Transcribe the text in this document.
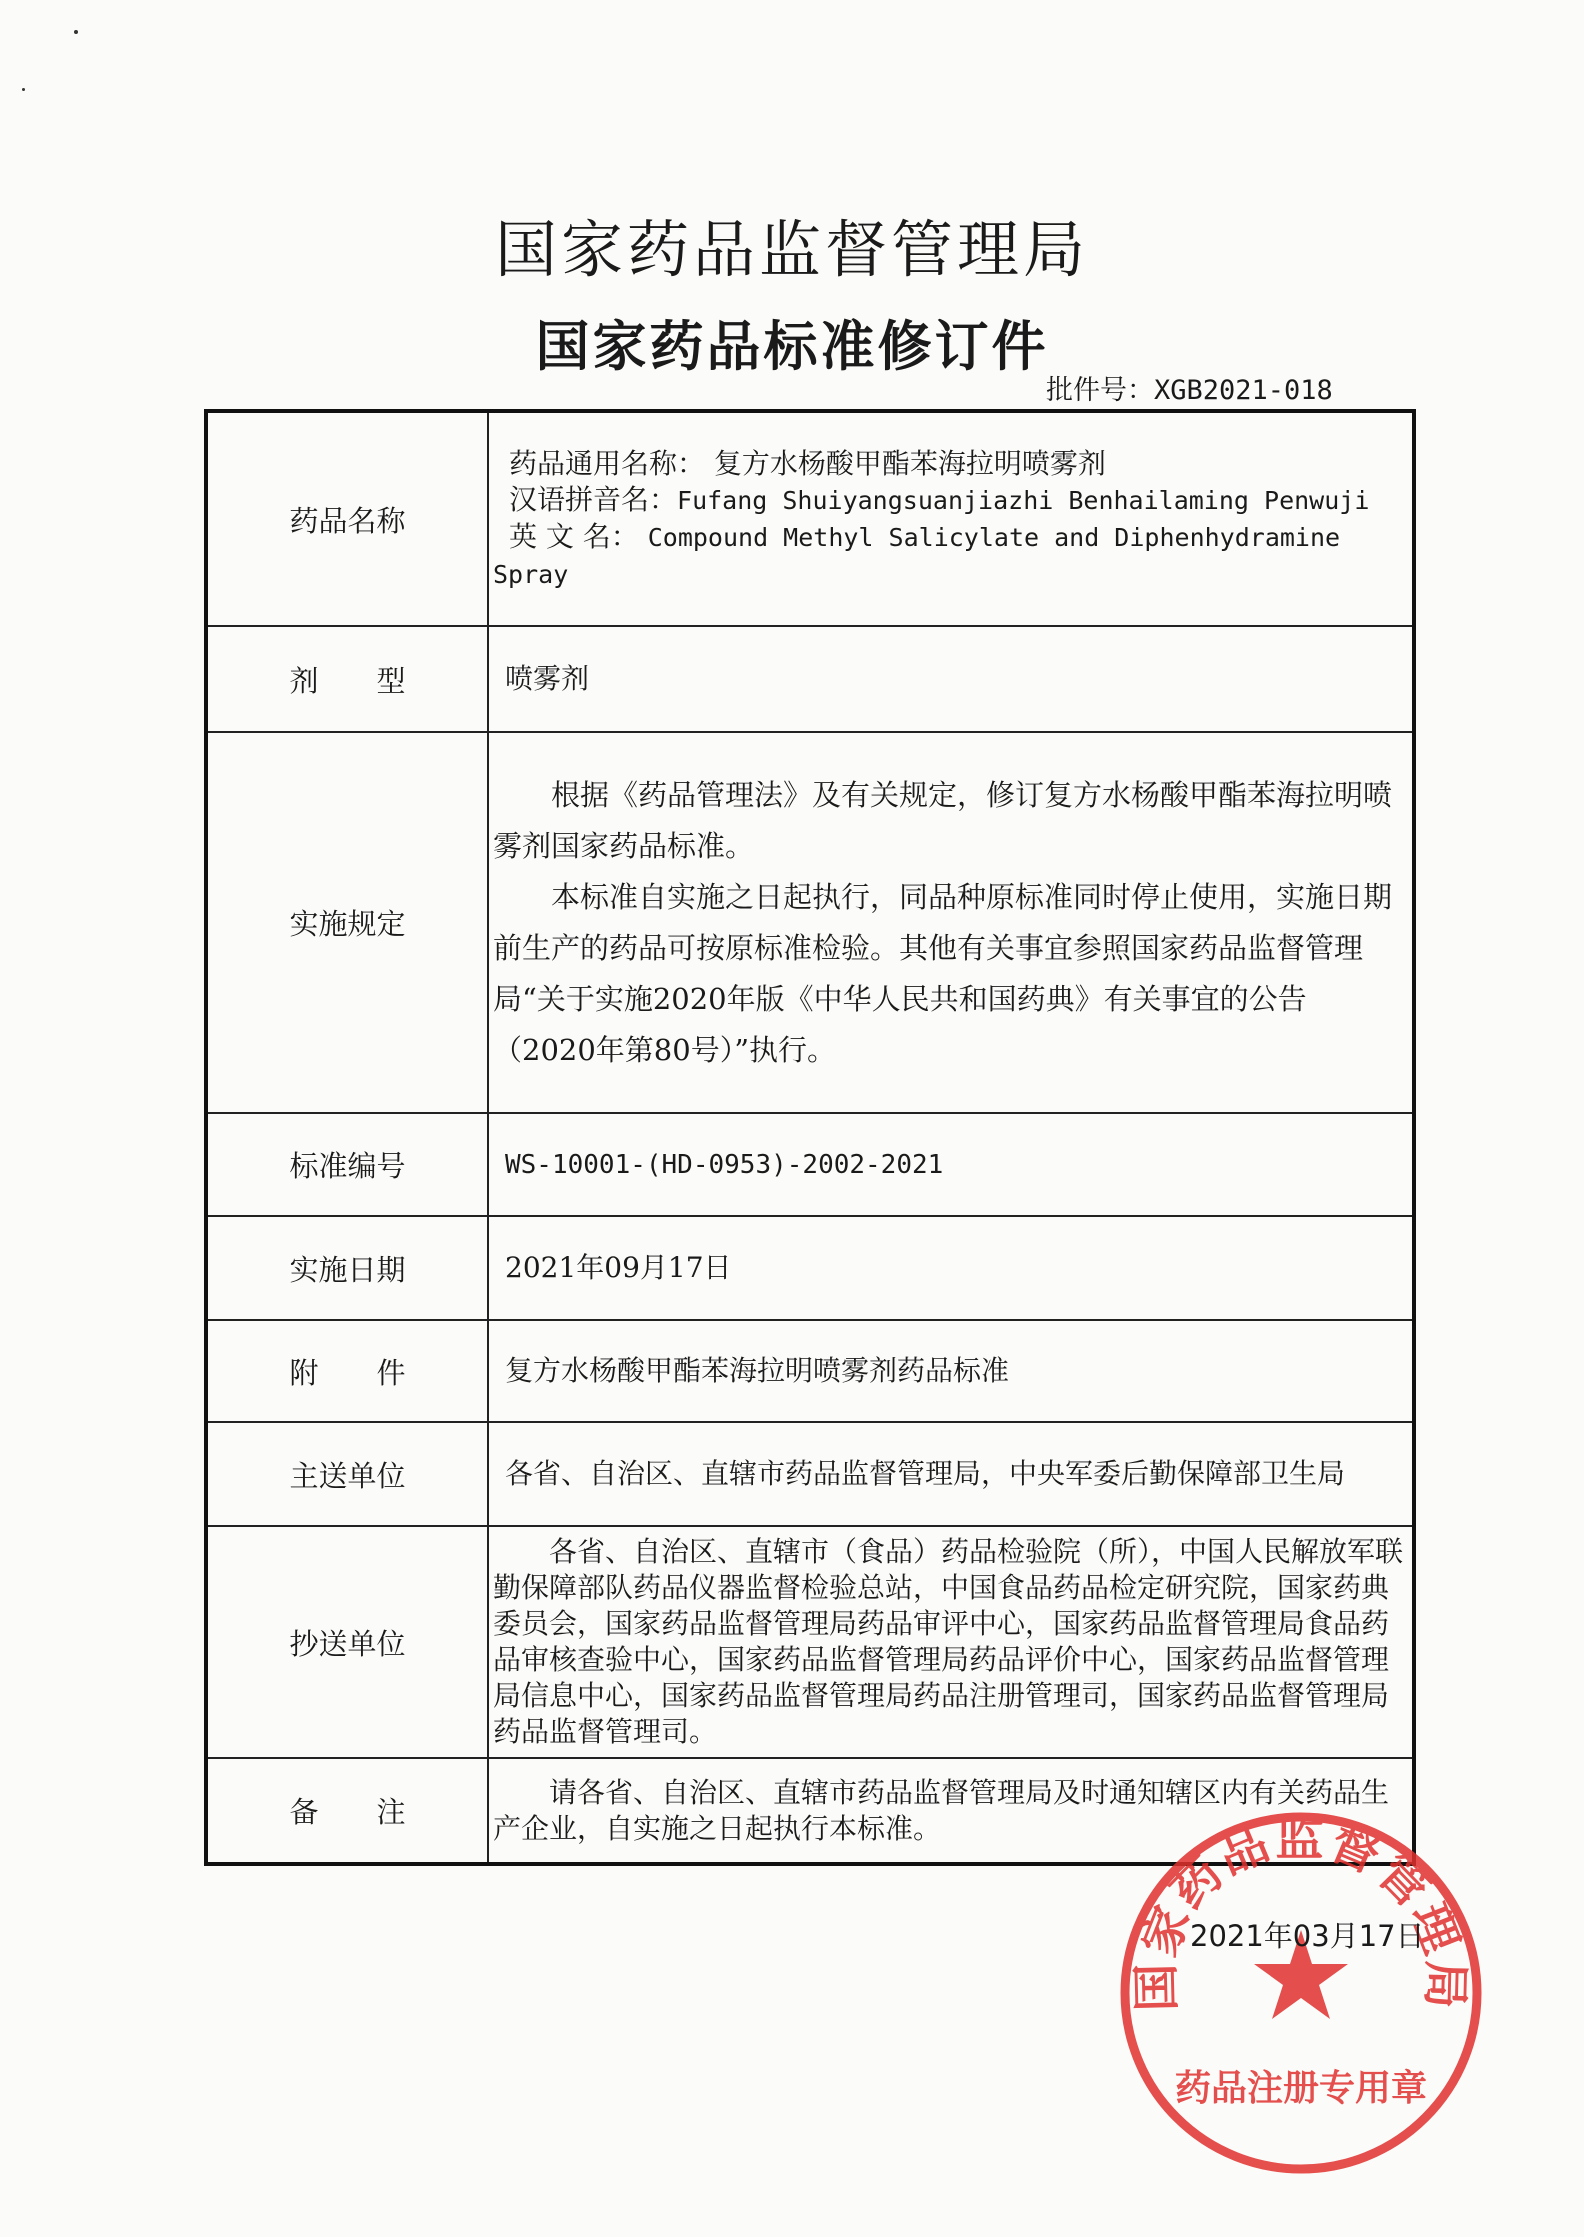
国家药品监督管理局
国家药品标准修订件
批件号：XGB2021-018
药品名称	药品通用名称： 复方水杨酸甲酯苯海拉明喷雾剂
汉语拼音名：Fufang Shuiyangsuanjiazhi Benhailaming Penwuji
英 文 名： Compound Methyl Salicylate and Diphenhydramine Spray

剂　　型	喷雾剂
实施规定	根据《药品管理法》及有关规定，修订复方水杨酸甲酯苯海拉明喷雾剂国家药品标准。
本标准自实施之日起执行，同品种原标准同时停止使用，实施日期前生产的药品可按原标准检验。其他有关事宜参照国家药品监督管理局“关于实施2020年版《中华人民共和国药典》有关事宜的公告（2020年第80号）”执行。

标准编号	WS-10001-(HD-0953)-2002-2021
实施日期	2021年09月17日
附　　件	复方水杨酸甲酯苯海拉明喷雾剂药品标准
主送单位	各省、自治区、直辖市药品监督管理局，中央军委后勤保障部卫生局
抄送单位	各省、自治区、直辖市（食品）药品检验院（所），中国人民解放军联勤保障部队药品仪器监督检验总站，中国食品药品检定研究院，国家药典委员会，国家药品监督管理局药品审评中心，国家药品监督管理局食品药品审核查验中心，国家药品监督管理局药品评价中心，国家药品监督管理局信息中心，国家药品监督管理局药品注册管理司，国家药品监督管理局药品监督管理司。
备　　注	请各省、自治区、直辖市药品监督管理局及时通知辖区内有关药品生产企业，自实施之日起执行本标准。
国家药品监督管理局
药品注册专用章
2021年03月17日
